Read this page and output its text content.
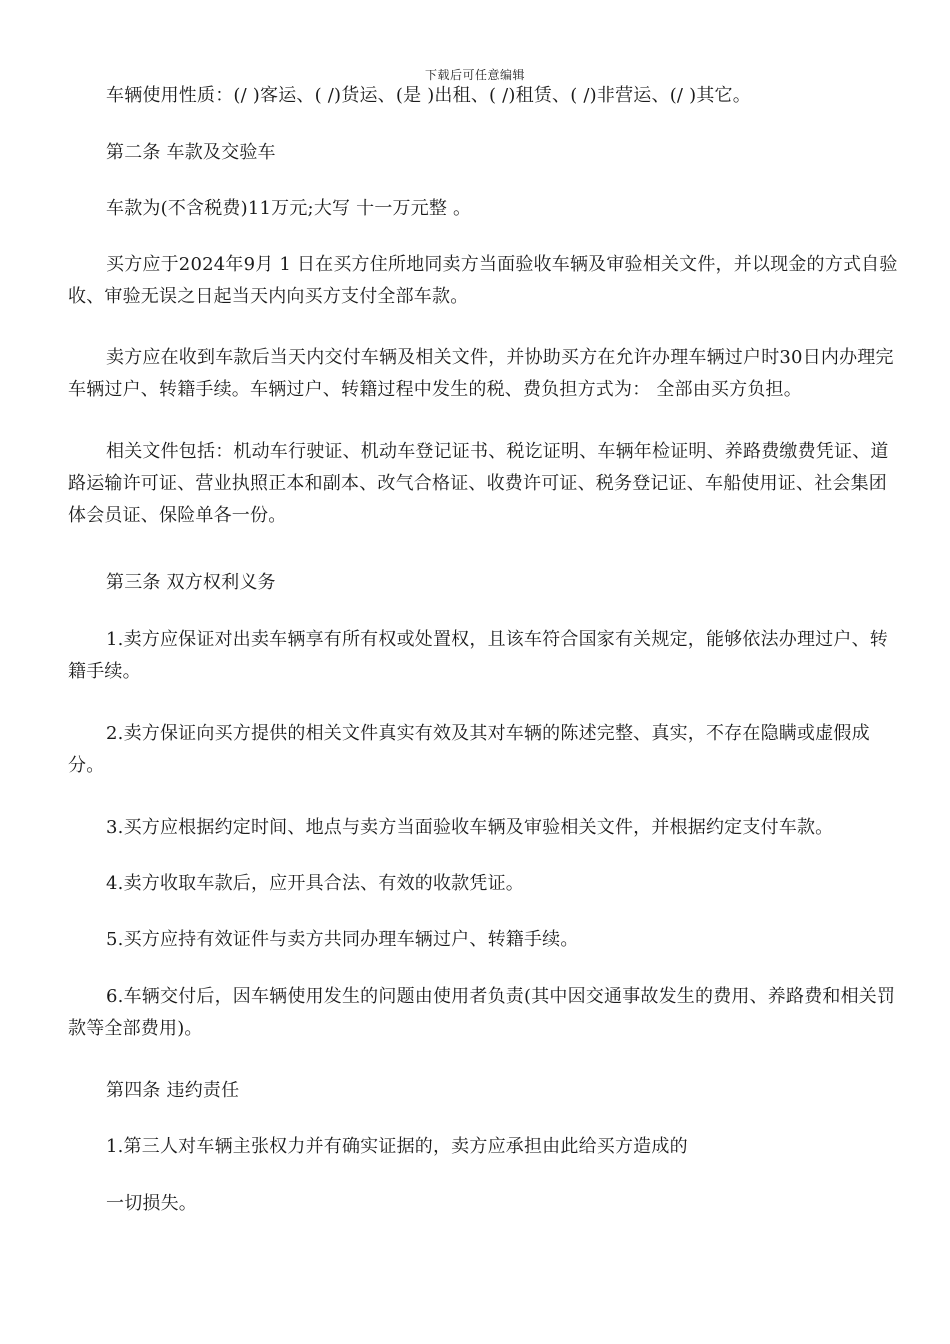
下载后可任意编辑

车辆使用性质：(/ )客运、( /)货运、(是 )出租、( /)租赁、( /)非营运、(/ )其它。

第二条 车款及交验车

车款为(不含税费)11万元;大写 十一万元整 。

买方应于2024年9月 1 日在买方住所地同卖方当面验收车辆及审验相关文件，并以现金的方式自验收、审验无误之日起当天内向买方支付全部车款。

卖方应在收到车款后当天内交付车辆及相关文件，并协助买方在允许办理车辆过户时30日内办理完车辆过户、转籍手续。车辆过户、转籍过程中发生的税、费负担方式为： 全部由买方负担。

相关文件包括：机动车行驶证、机动车登记证书、税讫证明、车辆年检证明、养路费缴费凭证、道路运输许可证、营业执照正本和副本、改气合格证、收费许可证、税务登记证、车船使用证、社会集团体会员证、保险单各一份。

第三条 双方权利义务

1.卖方应保证对出卖车辆享有所有权或处置权，且该车符合国家有关规定，能够依法办理过户、转籍手续。

2.卖方保证向买方提供的相关文件真实有效及其对车辆的陈述完整、真实，不存在隐瞒或虚假成分。

3.买方应根据约定时间、地点与卖方当面验收车辆及审验相关文件，并根据约定支付车款。

4.卖方收取车款后，应开具合法、有效的收款凭证。

5.买方应持有效证件与卖方共同办理车辆过户、转籍手续。

6.车辆交付后，因车辆使用发生的问题由使用者负责(其中因交通事故发生的费用、养路费和相关罚款等全部费用)。

第四条 违约责任

1.第三人对车辆主张权力并有确实证据的，卖方应承担由此给买方造成的

一切损失。
